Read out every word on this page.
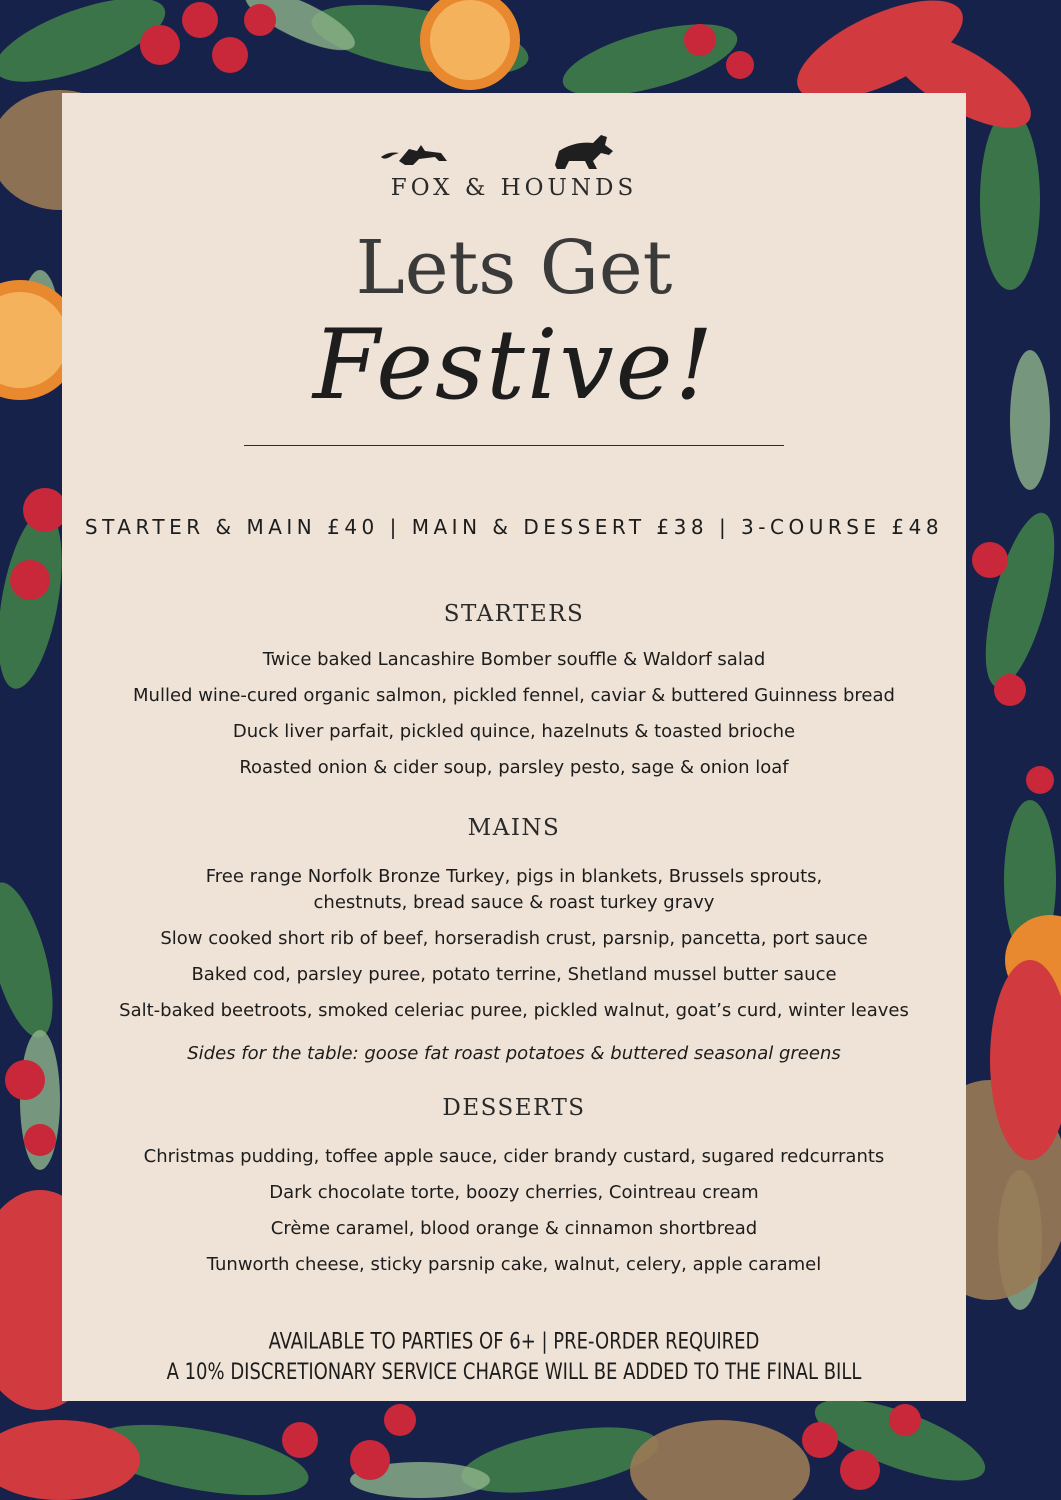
FOX & HOUNDS
Lets Get
Festive!
STARTER & MAIN £40 | MAIN & DESSERT £38 | 3-COURSE £48
STARTERS
Twice baked Lancashire Bomber souffle & Waldorf salad
Mulled wine-cured organic salmon, pickled fennel, caviar & buttered Guinness bread
Duck liver parfait, pickled quince, hazelnuts & toasted brioche
Roasted onion & cider soup, parsley pesto, sage & onion loaf
MAINS
Free range Norfolk Bronze Turkey, pigs in blankets, Brussels sprouts,
chestnuts, bread sauce & roast turkey gravy
Slow cooked short rib of beef, horseradish crust, parsnip, pancetta, port sauce
Baked cod, parsley puree, potato terrine, Shetland mussel butter sauce
Salt-baked beetroots, smoked celeriac puree, pickled walnut, goat’s curd, winter leaves
Sides for the table: goose fat roast potatoes & buttered seasonal greens
DESSERTS
Christmas pudding, toffee apple sauce, cider brandy custard, sugared redcurrants
Dark chocolate torte, boozy cherries, Cointreau cream
Crème caramel, blood orange & cinnamon shortbread
Tunworth cheese, sticky parsnip cake, walnut, celery, apple caramel
AVAILABLE TO PARTIES OF 6+ | PRE-ORDER REQUIRED
A 10% DISCRETIONARY SERVICE CHARGE WILL BE ADDED TO THE FINAL BILL
